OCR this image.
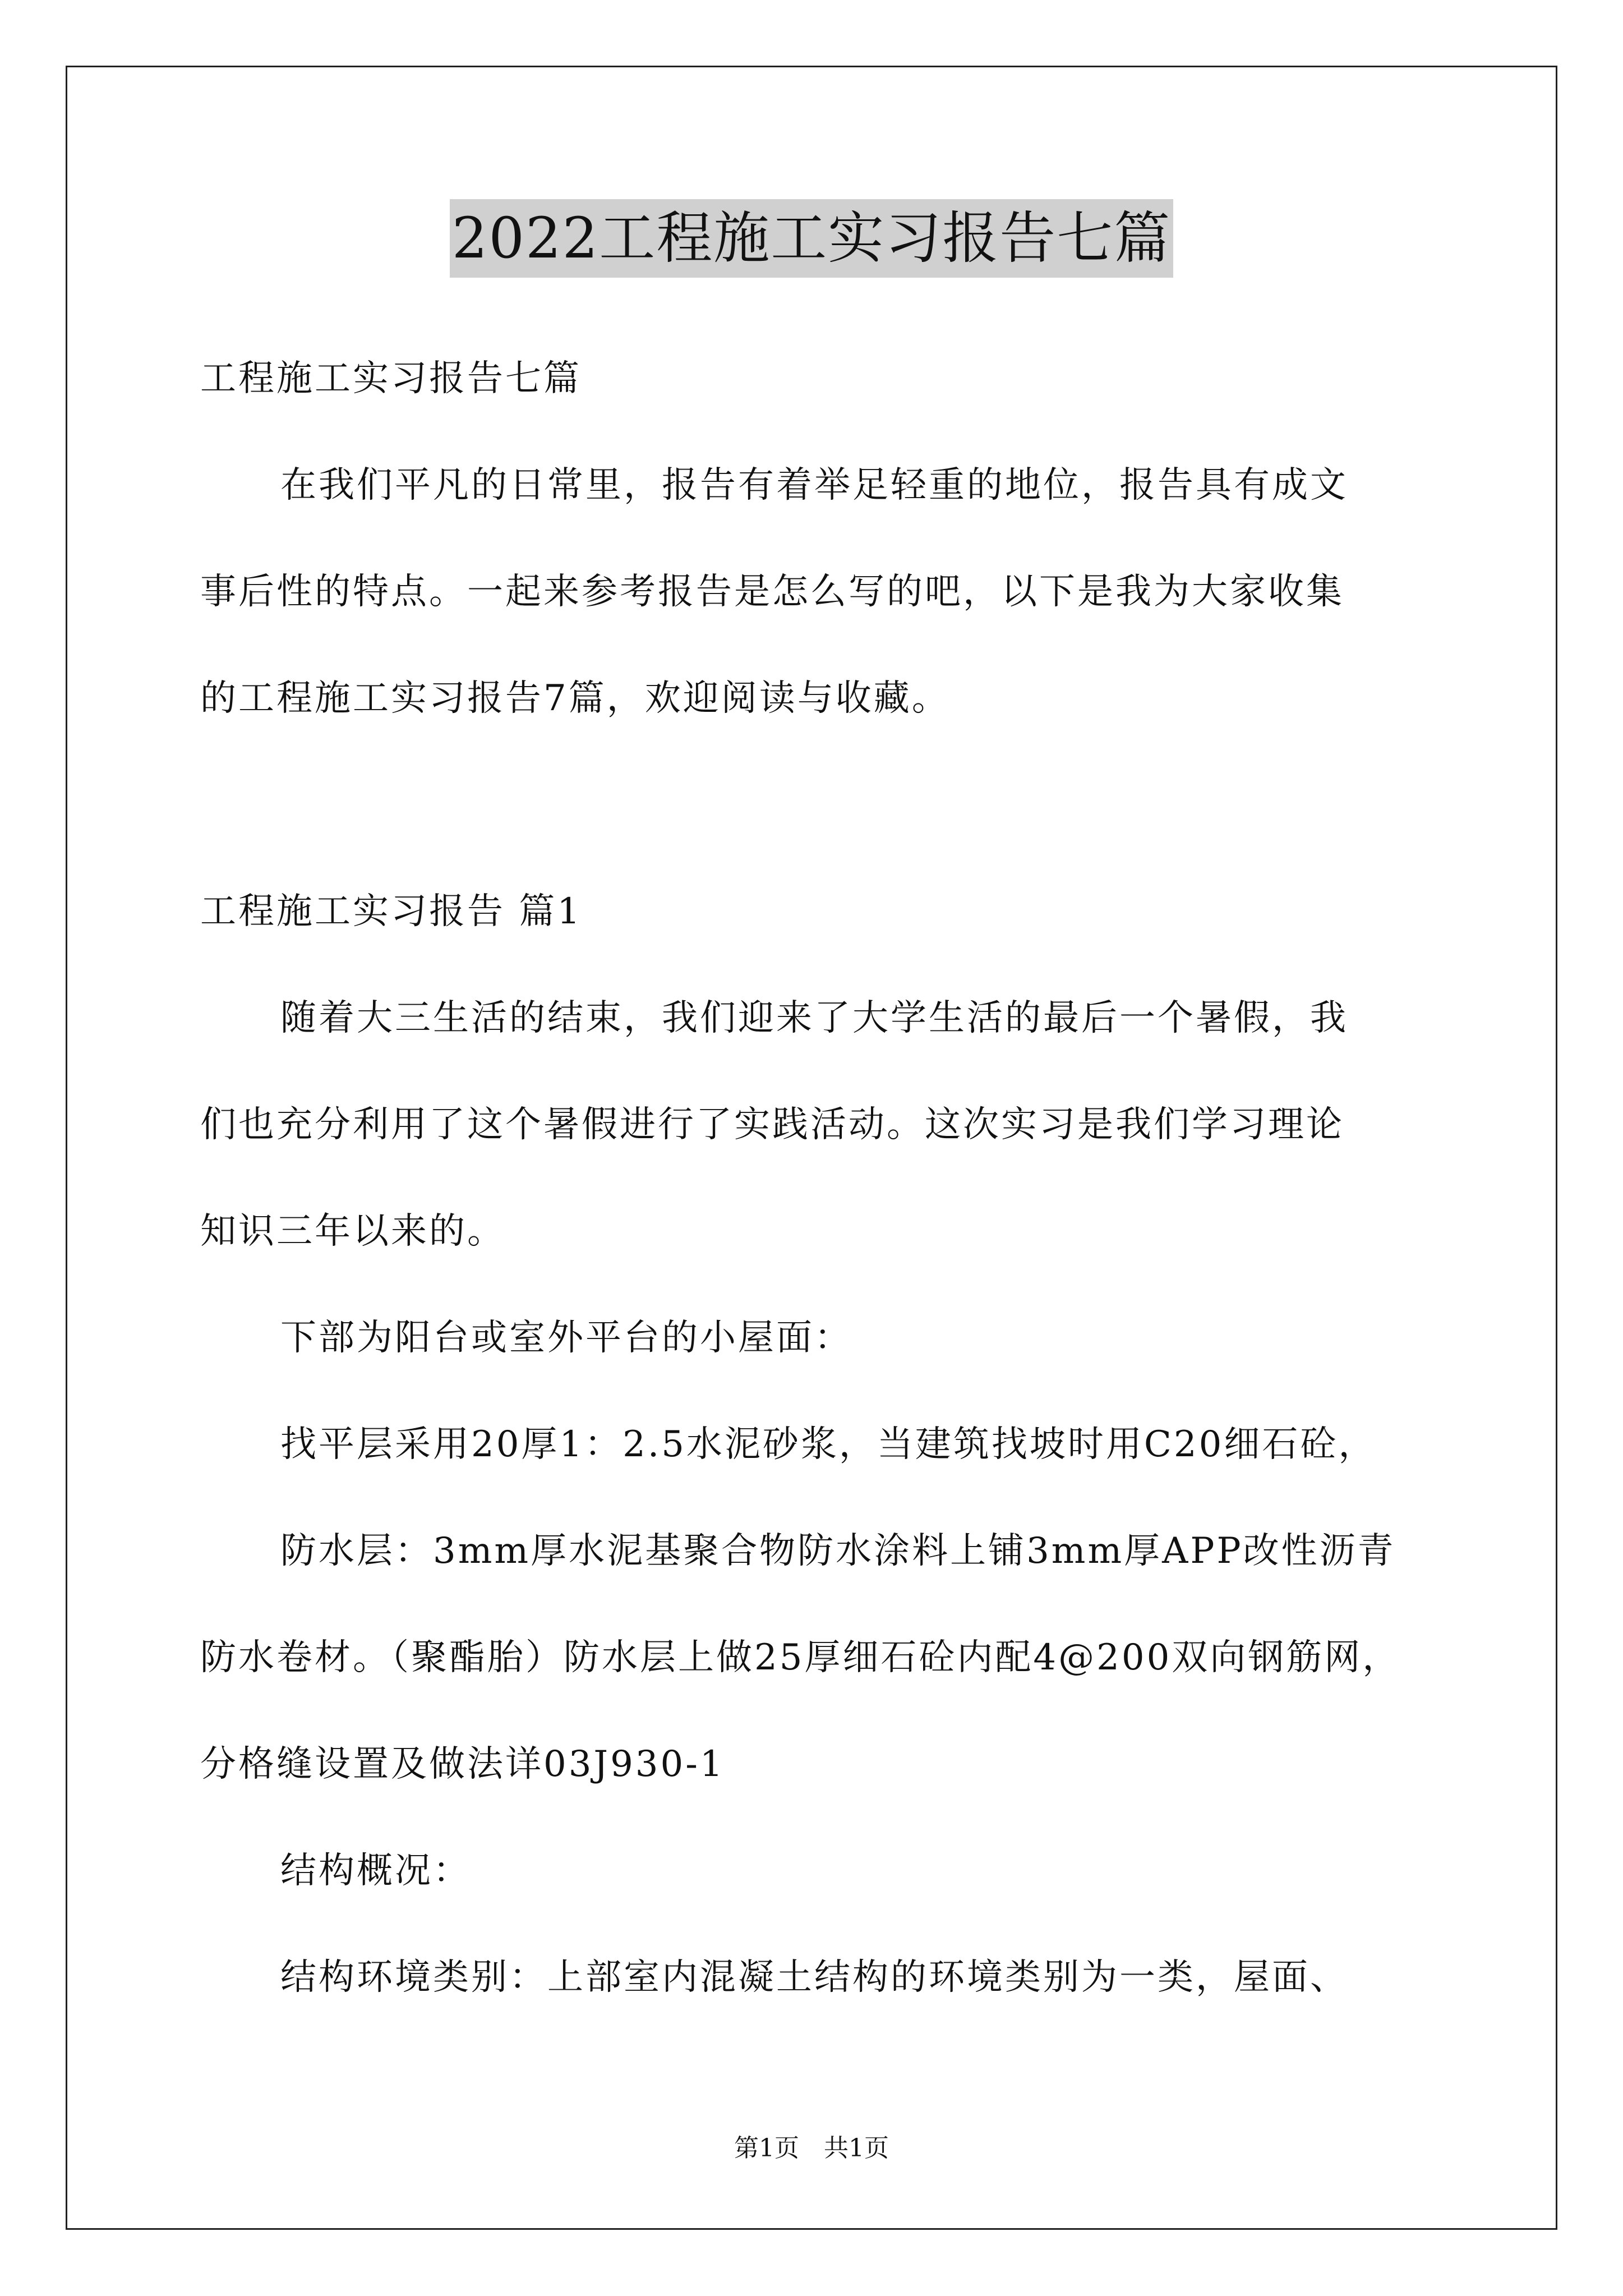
2022工程施工实习报告七篇
工程施工实习报告七篇
在我们平凡的日常里，报告有着举足轻重的地位，报告具有成文
事后性的特点。一起来参考报告是怎么写的吧，以下是我为大家收集
的工程施工实习报告7篇，欢迎阅读与收藏。
工程施工实习报告 篇1
随着大三生活的结束，我们迎来了大学生活的最后一个暑假，我
们也充分利用了这个暑假进行了实践活动。这次实习是我们学习理论
知识三年以来的。
下部为阳台或室外平台的小屋面：
找平层采用20厚1：2.5水泥砂浆，当建筑找坡时用C20细石砼，
防水层：3mm厚水泥基聚合物防水涂料上铺3mm厚APP改性沥青
防水卷材。（聚酯胎）防水层上做25厚细石砼内配4@200双向钢筋网，
分格缝设置及做法详03J930-1
结构概况：
结构环境类别：上部室内混凝土结构的环境类别为一类，屋面、
第1页　共1页
